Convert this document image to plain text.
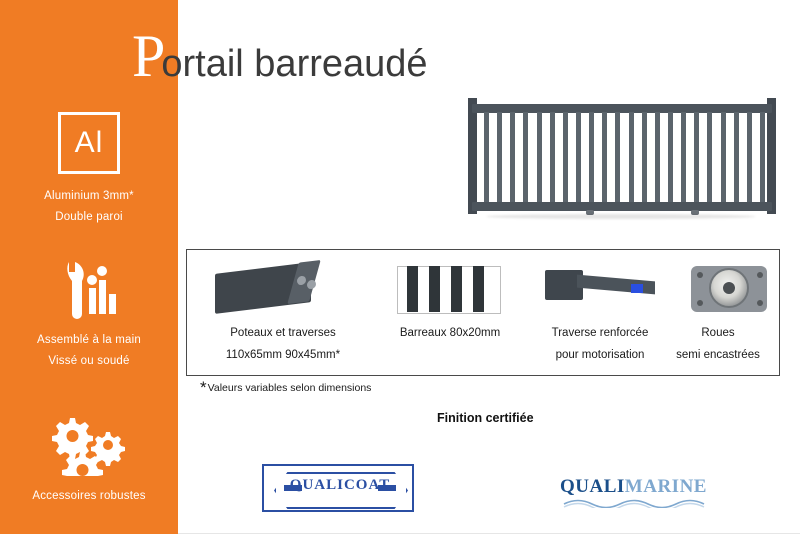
Al
Aluminium 3mm*
Double paroi
Assemblé à la main
Vissé ou soudé
Accessoires robustes
Portail barreaudé
Poteaux et traverses
110x65mm 90x45mm*
Barreaux 80x20mm	Traverse renforcée
pour motorisation
Roues
semi encastrées
*Valeurs variables selon dimensions
Finition certifiée
QUALICOAT	QUALIMARINE
